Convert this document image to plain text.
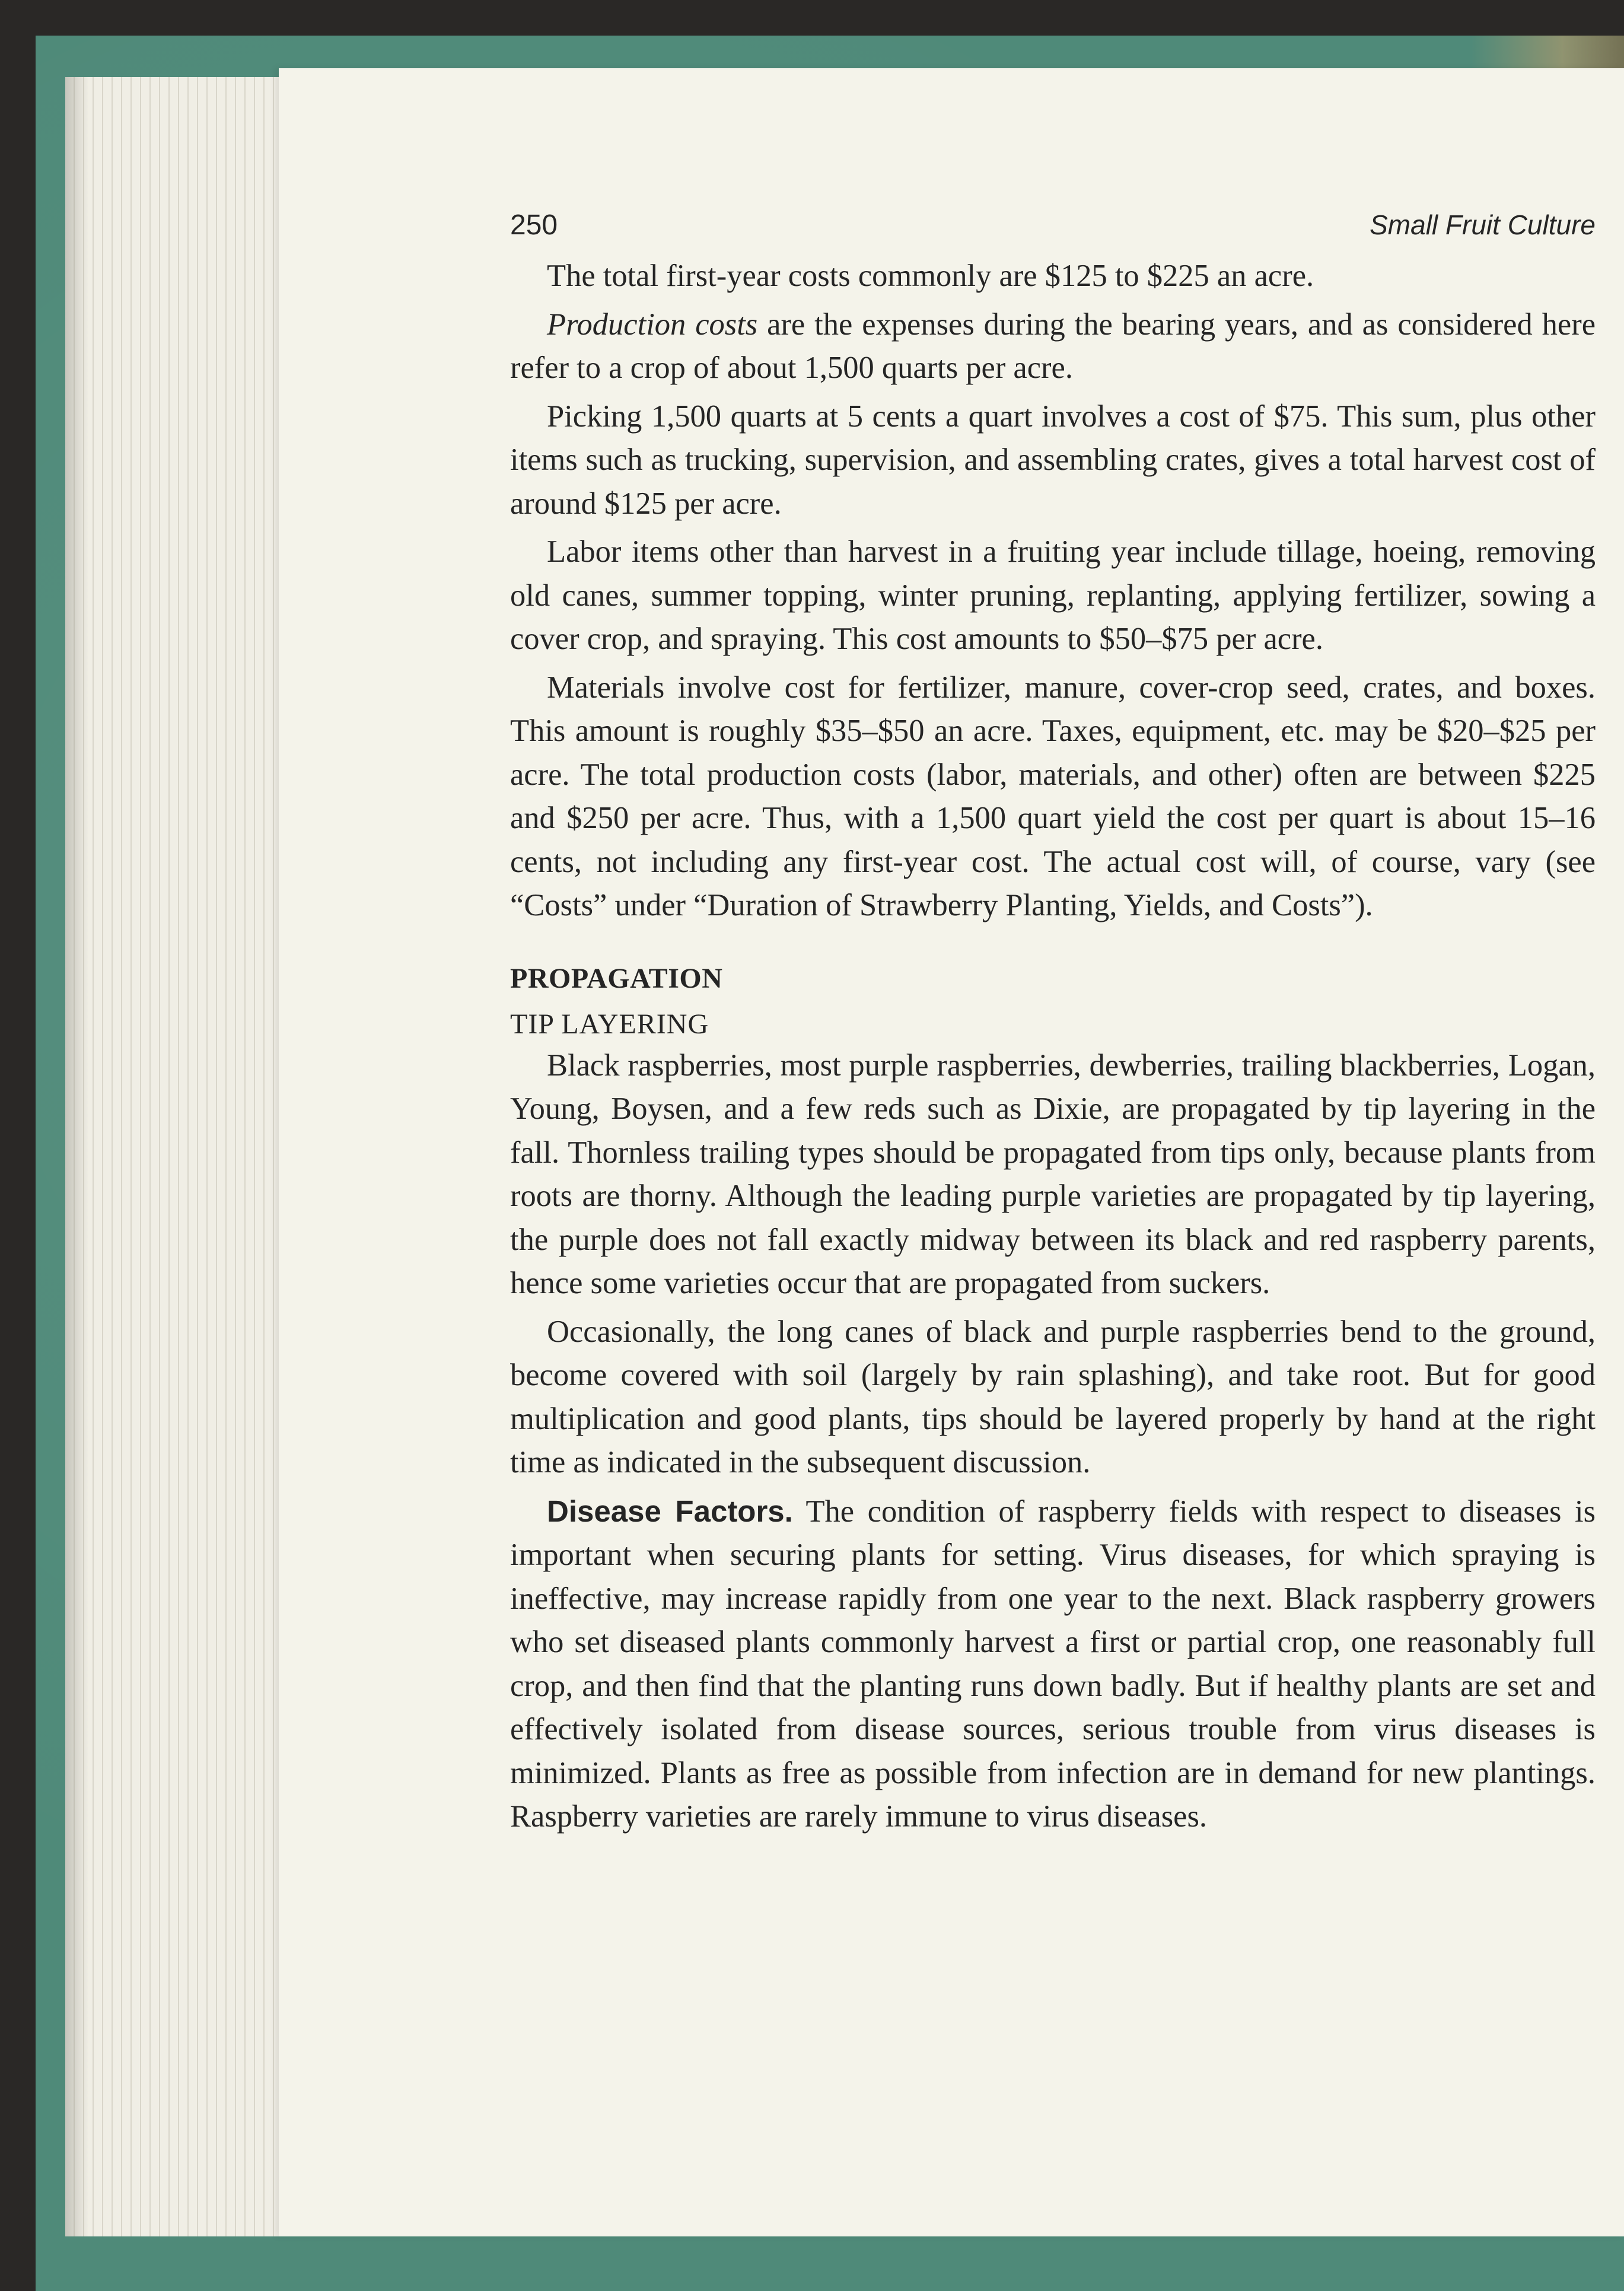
250	Small Fruit Culture

The total first-year costs commonly are $125 to $225 an acre.

Production costs are the expenses during the bearing years, and as considered here refer to a crop of about 1,500 quarts per acre.

Picking 1,500 quarts at 5 cents a quart involves a cost of $75. This sum, plus other items such as trucking, supervision, and assembling crates, gives a total harvest cost of around $125 per acre.

Labor items other than harvest in a fruiting year include tillage, hoeing, removing old canes, summer topping, winter pruning, replanting, applying fertilizer, sowing a cover crop, and spraying. This cost amounts to $50–$75 per acre.

Materials involve cost for fertilizer, manure, cover-crop seed, crates, and boxes. This amount is roughly $35–$50 an acre. Taxes, equipment, etc. may be $20–$25 per acre. The total production costs (labor, materials, and other) often are between $225 and $250 per acre. Thus, with a 1,500 quart yield the cost per quart is about 15–16 cents, not including any first-year cost. The actual cost will, of course, vary (see “Costs” under “Duration of Strawberry Planting, Yields, and Costs”).

PROPAGATION
TIP LAYERING

Black raspberries, most purple raspberries, dewberries, trailing blackberries, Logan, Young, Boysen, and a few reds such as Dixie, are propagated by tip layering in the fall. Thornless trailing types should be propagated from tips only, because plants from roots are thorny. Although the leading purple varieties are propagated by tip layering, the purple does not fall exactly midway between its black and red raspberry parents, hence some varieties occur that are propagated from suckers.

Occasionally, the long canes of black and purple raspberries bend to the ground, become covered with soil (largely by rain splashing), and take root. But for good multiplication and good plants, tips should be layered properly by hand at the right time as indicated in the subsequent discussion.

Disease Factors. The condition of raspberry fields with respect to diseases is important when securing plants for setting. Virus diseases, for which spraying is ineffective, may increase rapidly from one year to the next. Black raspberry growers who set diseased plants commonly harvest a first or partial crop, one reasonably full crop, and then find that the planting runs down badly. But if healthy plants are set and effectively isolated from disease sources, serious trouble from virus diseases is minimized. Plants as free as possible from infection are in demand for new plantings. Raspberry varieties are rarely immune to virus diseases.
